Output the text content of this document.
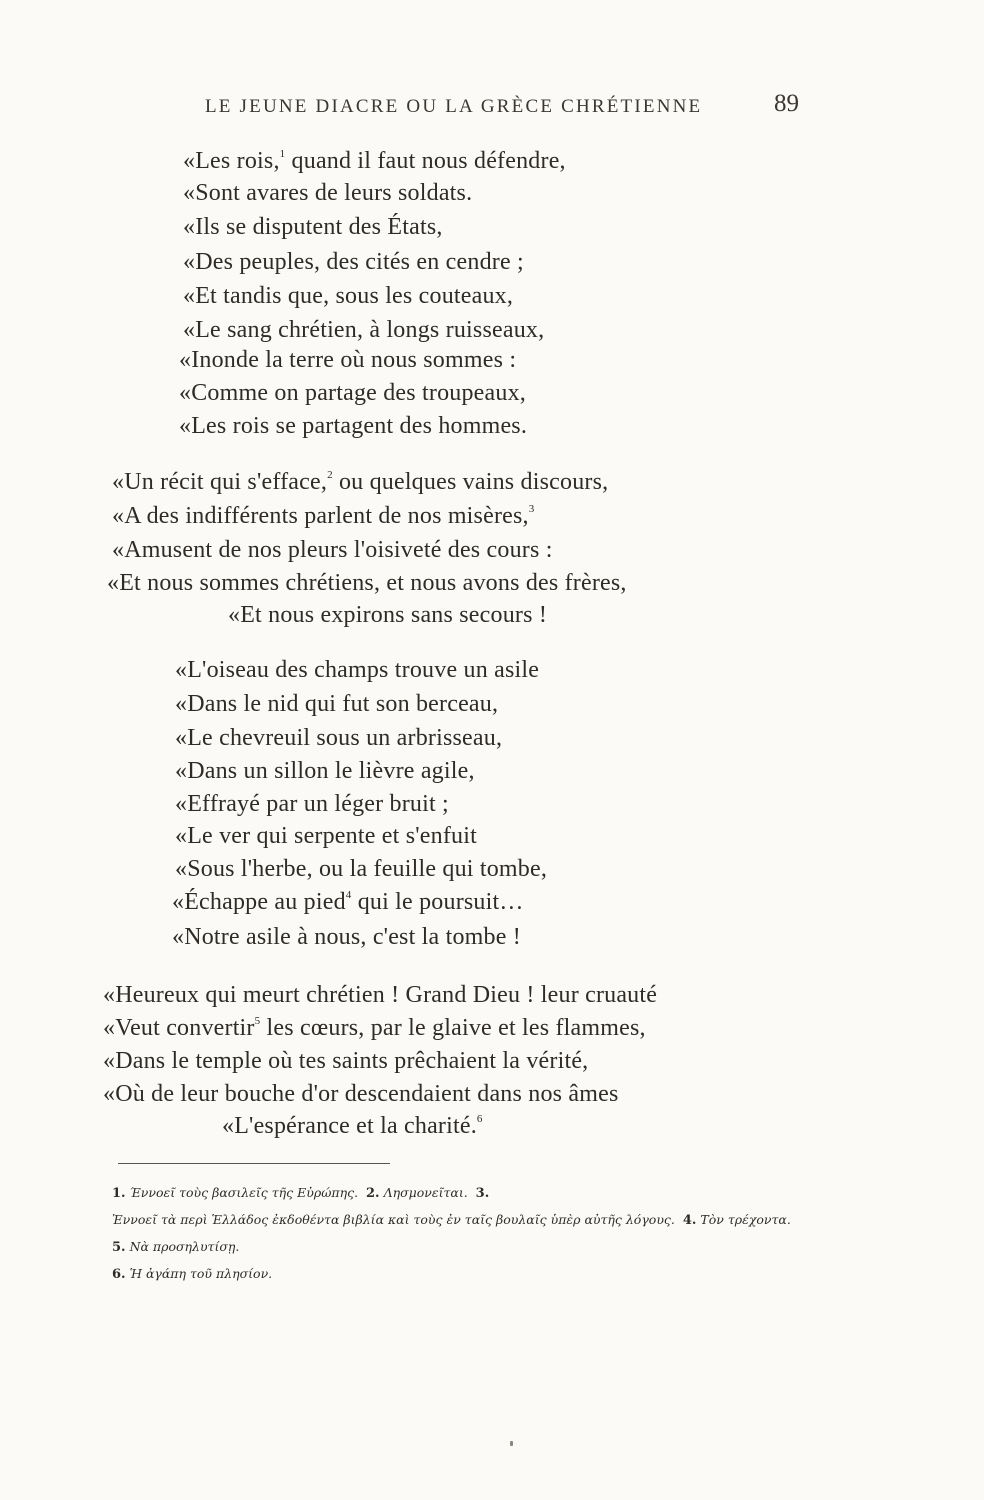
LE JEUNE DIACRE OU LA GRÈCE CHRÉTIENNE	89
«Les rois,$^1$ quand il faut nous défendre,
«Sont avares de leurs soldats.
«Ils se disputent des États,
«Des peuples, des cités en cendre ;
«Et tandis que, sous les couteaux,
«Le sang chrétien, à longs ruisseaux,
«Inonde la terre où nous sommes :
«Comme on partage des troupeaux,
«Les rois se partagent des hommes.
«Un récit qui s'efface,$^2$ ou quelques vains discours,
«A des indifférents parlent de nos misères,$^3$
«Amusent de nos pleurs l'oisiveté des cours :
«Et nous sommes chrétiens, et nous avons des frères,
«Et nous expirons sans secours !
«L'oiseau des champs trouve un asile
«Dans le nid qui fut son berceau,
«Le chevreuil sous un arbrisseau,
«Dans un sillon le lièvre agile,
«Effrayé par un léger bruit ;
«Le ver qui serpente et s'enfuit
«Sous l'herbe, ou la feuille qui tombe,
«Échappe au pied$^4$ qui le poursuit…
«Notre asile à nous, c'est la tombe !
«Heureux qui meurt chrétien ! Grand Dieu ! leur cruauté
«Veut convertir$^5$ les cœurs, par le glaive et les flammes,
«Dans le temple où tes saints prêchaient la vérité,
«Où de leur bouche d'or descendaient dans nos âmes
«L'espérance et la charité.$^6$
1. Έννοεῖ τοὺς βασιλεῖς τῆς Εὐρώπης. 2. Λησμονεῖται. 3.
Ἐννοεῖ τὰ περὶ Ἑλλάδος ἐκδοθέντα βιβλία καὶ τοὺς ἐν ταῖς βουλαῖς ὑπὲρ αὐτῆς λόγους. 4. Τὸν τρέχοντα.  5. Νὰ προσηλυτίσῃ.
6. Ἡ ἀγάπη τοῦ πλησίον.
